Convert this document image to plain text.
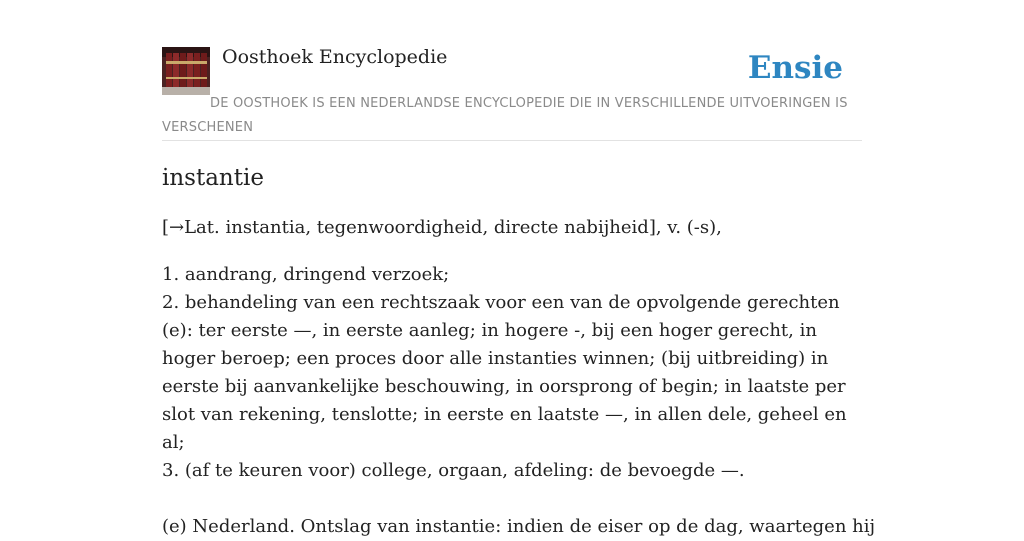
Oosthoek Encyclopedie	Ensie
DE OOSTHOEK IS EEN NEDERLANDSE ENCYCLOPEDIE DIE IN VERSCHILLENDE UITVOERINGEN IS VERSCHENEN
instantie

[→Lat. instantia, tegenwoordigheid, directe nabijheid], v. (-s),

1. aandrang, dringend verzoek;
2. behandeling van een rechtszaak voor een van de opvolgende gerechten (e): ter eerste —, in eerste aanleg; in hogere -, bij een hoger gerecht, in hoger beroep; een proces door alle instanties winnen; (bij uitbreiding) in eerste bij aanvankelijke beschouwing, in oorsprong of begin; in laatste per slot van rekening, tenslotte; in eerste en laatste —, in allen dele, geheel en al;
3. (af te keuren voor) college, orgaan, afdeling: de bevoegde —.

(e) Nederland. Ontslag van instantie: indien de eiser op de dag, waartegen hij
